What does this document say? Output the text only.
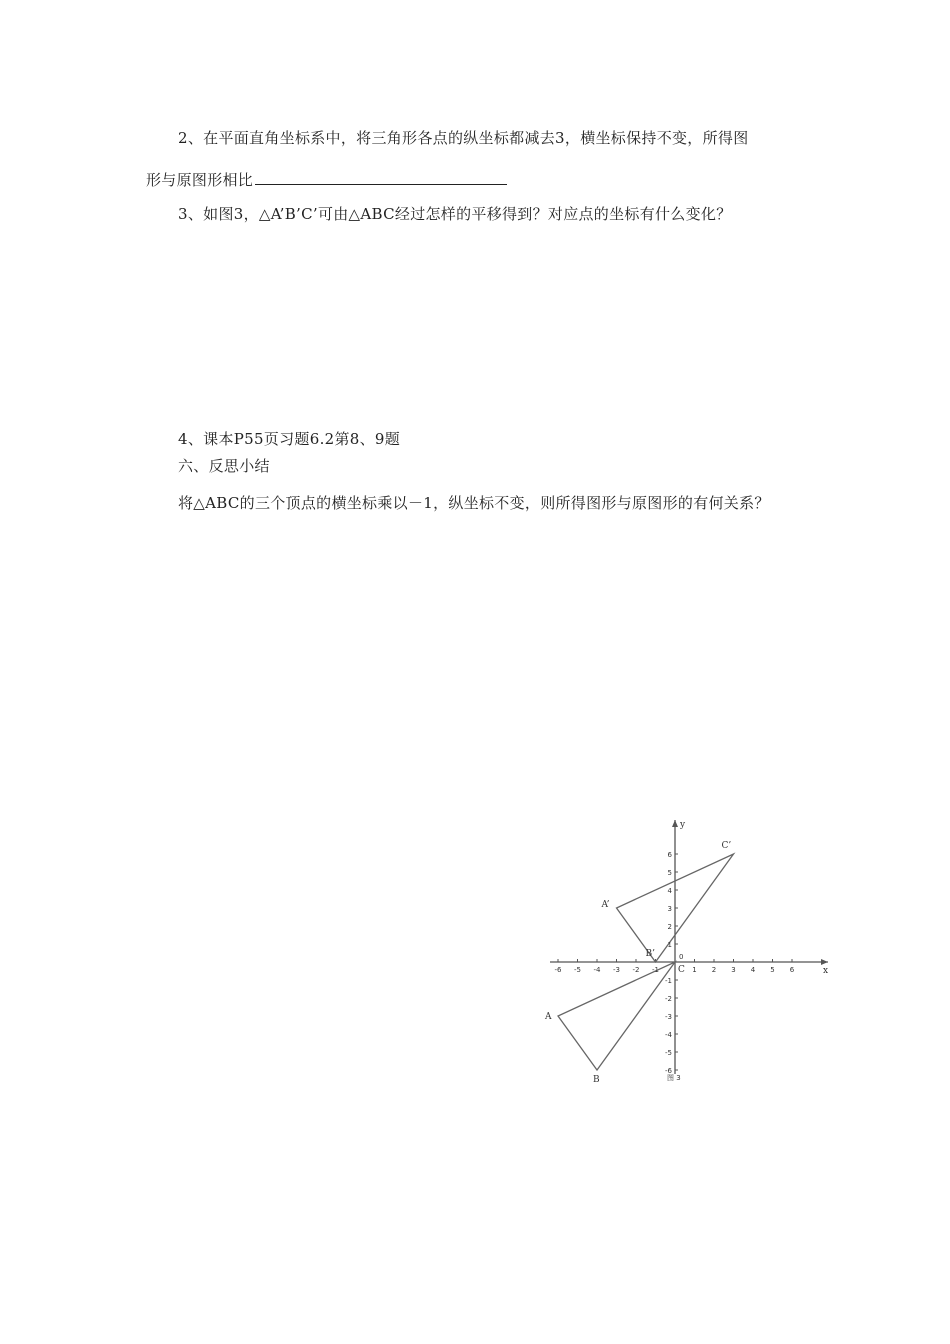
2、在平面直角坐标系中，将三角形各点的纵坐标都减去3，横坐标保持不变，所得图
形与原图形相比
3、如图3，△A’B’C’可由△ABC经过怎样的平移得到？对应点的坐标有什么变化？
4、课本P55页习题6.2第8、9题
六、反思小结
将△ABC的三个顶点的横坐标乘以－1，纵坐标不变，则所得图形与原图形的有何关系？
x
y
0
-6 -5 -4 -3 -2 -1	1 2 3 4 5 6
6
5
4
3
2
1
-1
-2
-3
-4
-5
-6
A
B
C
A’
B’
C’
图 3
